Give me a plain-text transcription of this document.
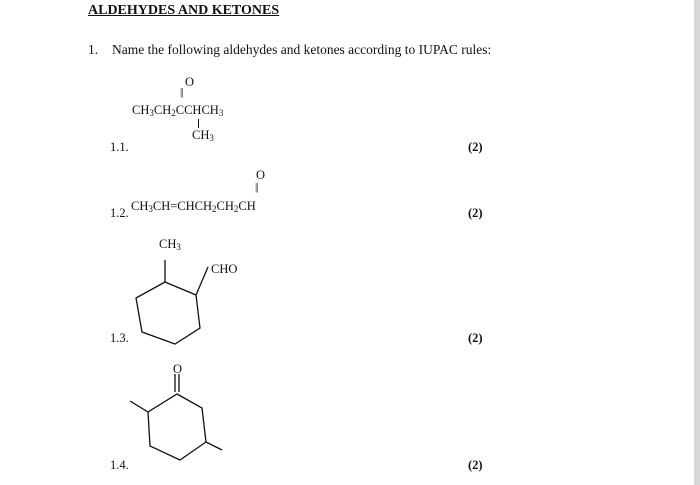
ALDEHYDES AND KETONES
1. Name the following aldehydes and ketones according to IUPAC rules:
1.1.	(2)
O
||
$CH_3CH_2CCHCH_3$
$CH_3$
1.2.	(2)
O
||
$CH_3CH=CHCH_2CH_2CH$
1.3.	(2)
$CH_3$
CHO
1.4.	(2)
O
